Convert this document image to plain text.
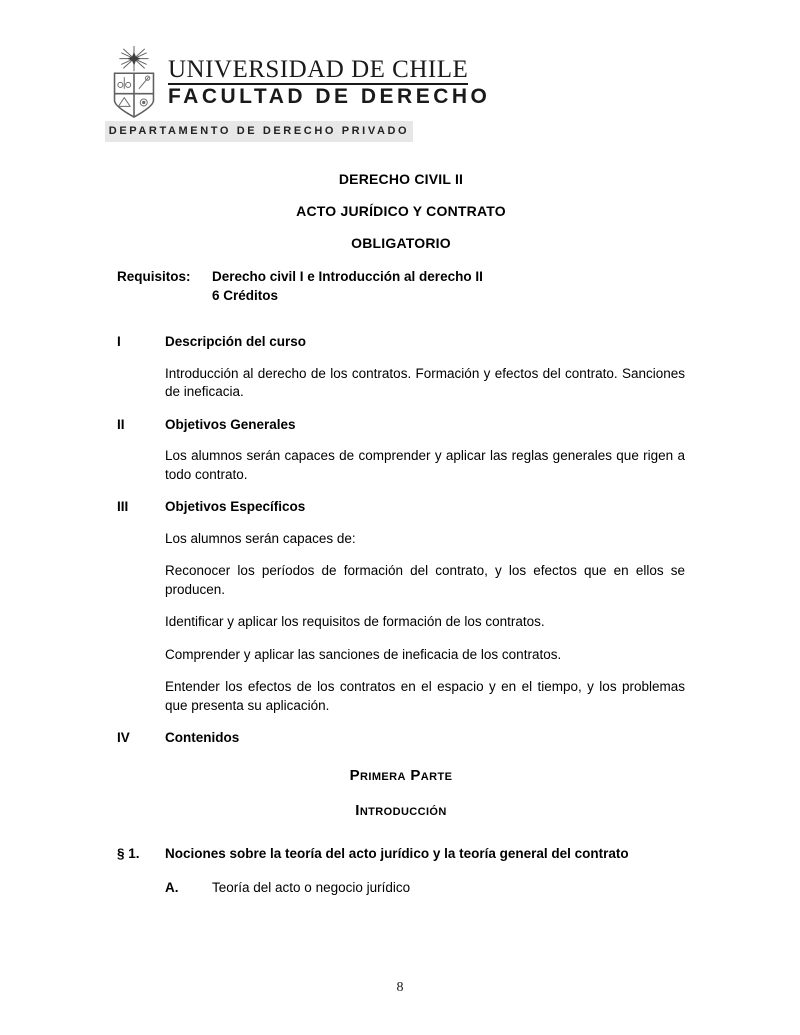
UNIVERSIDAD DE CHILE
FACULTAD DE DERECHO
DEPARTAMENTO DE DERECHO PRIVADO
DERECHO CIVIL II
ACTO JURÍDICO Y CONTRATO
OBLIGATORIO
Requisitos:	Derecho civil I e Introducción al derecho II
6 Créditos
I	Descripción del curso

Introducción al derecho de los contratos. Formación y efectos del contrato. Sanciones de ineficacia.

II	Objetivos Generales

Los alumnos serán capaces de comprender y aplicar las reglas generales que rigen a todo contrato.

III	Objetivos Específicos

Los alumnos serán capaces de:

Reconocer los períodos de formación del contrato, y los efectos que en ellos se producen.

Identificar y aplicar los requisitos de formación de los contratos.

Comprender y aplicar las sanciones de ineficacia de los contratos.

Entender los efectos de los contratos en el espacio y en el tiempo, y los problemas que presenta su aplicación.

IV	Contenidos
Primera Parte
Introducción
§ 1.	Nociones sobre la teoría del acto jurídico y la teoría general del contrato
A.	Teoría del acto o negocio jurídico
8
